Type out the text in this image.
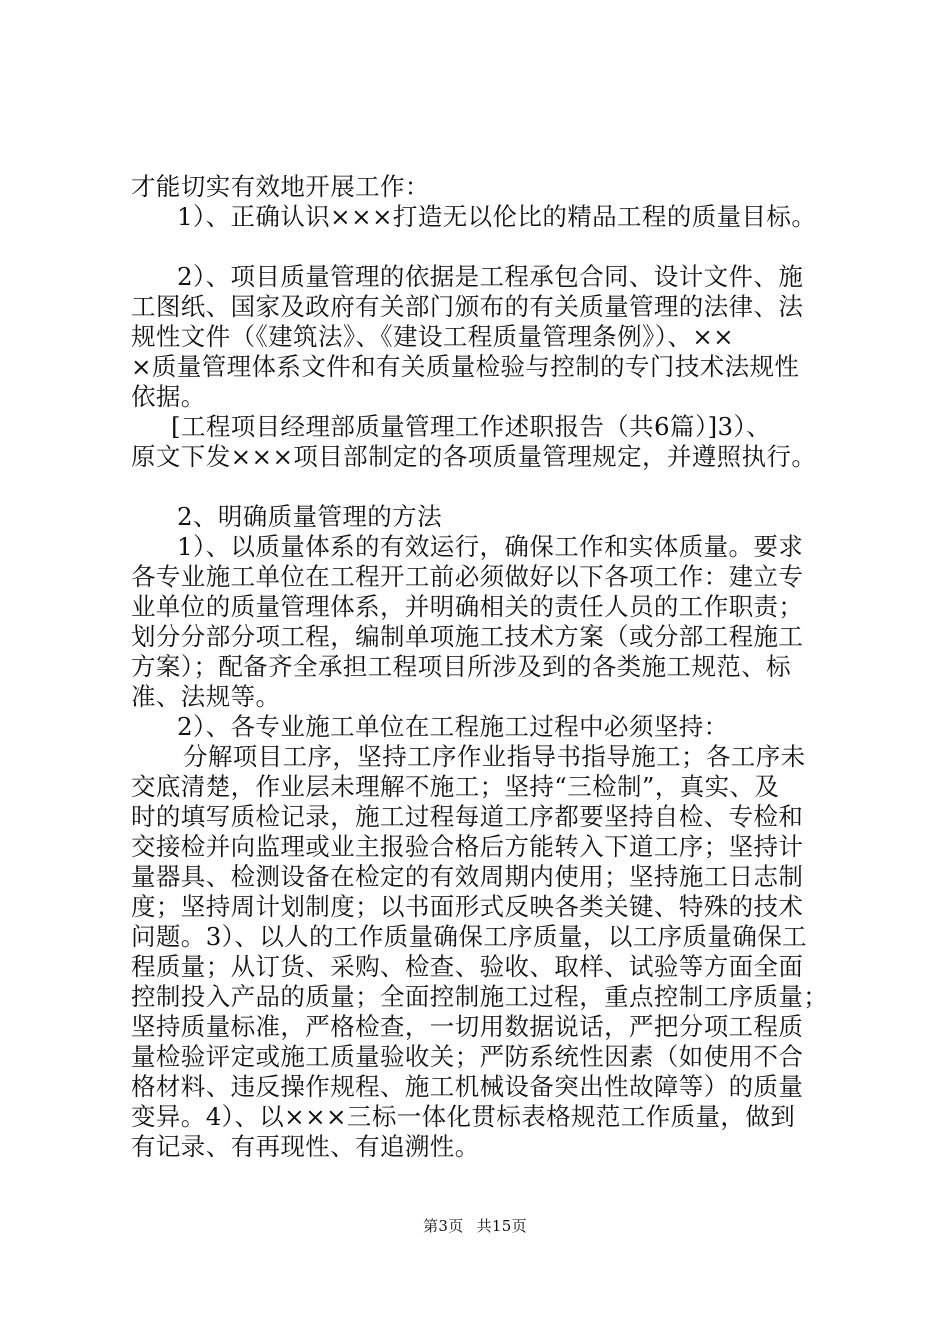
才能切实有效地开展工作：
1）、正确认识×××打造无以伦比的精品工程的质量目标。
2）、项目质量管理的依据是工程承包合同、设计文件、施
工图纸、国家及政府有关部门颁布的有关质量管理的法律、法
规性文件（《建筑法》、《建设工程质量管理条例》）、××
×质量管理体系文件和有关质量检验与控制的专门技术法规性
依据。
[工程项目经理部质量管理工作述职报告（共6篇）]3）、
原文下发×××项目部制定的各项质量管理规定，并遵照执行。
2、明确质量管理的方法
1）、以质量体系的有效运行，确保工作和实体质量。要求
各专业施工单位在工程开工前必须做好以下各项工作：建立专
业单位的质量管理体系，并明确相关的责任人员的工作职责；
划分分部分项工程，编制单项施工技术方案（或分部工程施工
方案）；配备齐全承担工程项目所涉及到的各类施工规范、标
准、法规等。
2）、各专业施工单位在工程施工过程中必须坚持：
分解项目工序，坚持工序作业指导书指导施工；各工序未
交底清楚，作业层未理解不施工；坚持“三检制”，真实、及
时的填写质检记录，施工过程每道工序都要坚持自检、专检和
交接检并向监理或业主报验合格后方能转入下道工序；坚持计
量器具、检测设备在检定的有效周期内使用；坚持施工日志制
度；坚持周计划制度；以书面形式反映各类关键、特殊的技术
问题。3）、以人的工作质量确保工序质量，以工序质量确保工
程质量；从订货、采购、检查、验收、取样、试验等方面全面
控制投入产品的质量；全面控制施工过程，重点控制工序质量；
坚持质量标准，严格检查，一切用数据说话，严把分项工程质
量检验评定或施工质量验收关；严防系统性因素（如使用不合
格材料、违反操作规程、施工机械设备突出性故障等）的质量
变异。4）、以×××三标一体化贯标表格规范工作质量，做到
有记录、有再现性、有追溯性。
第3页 共15页
